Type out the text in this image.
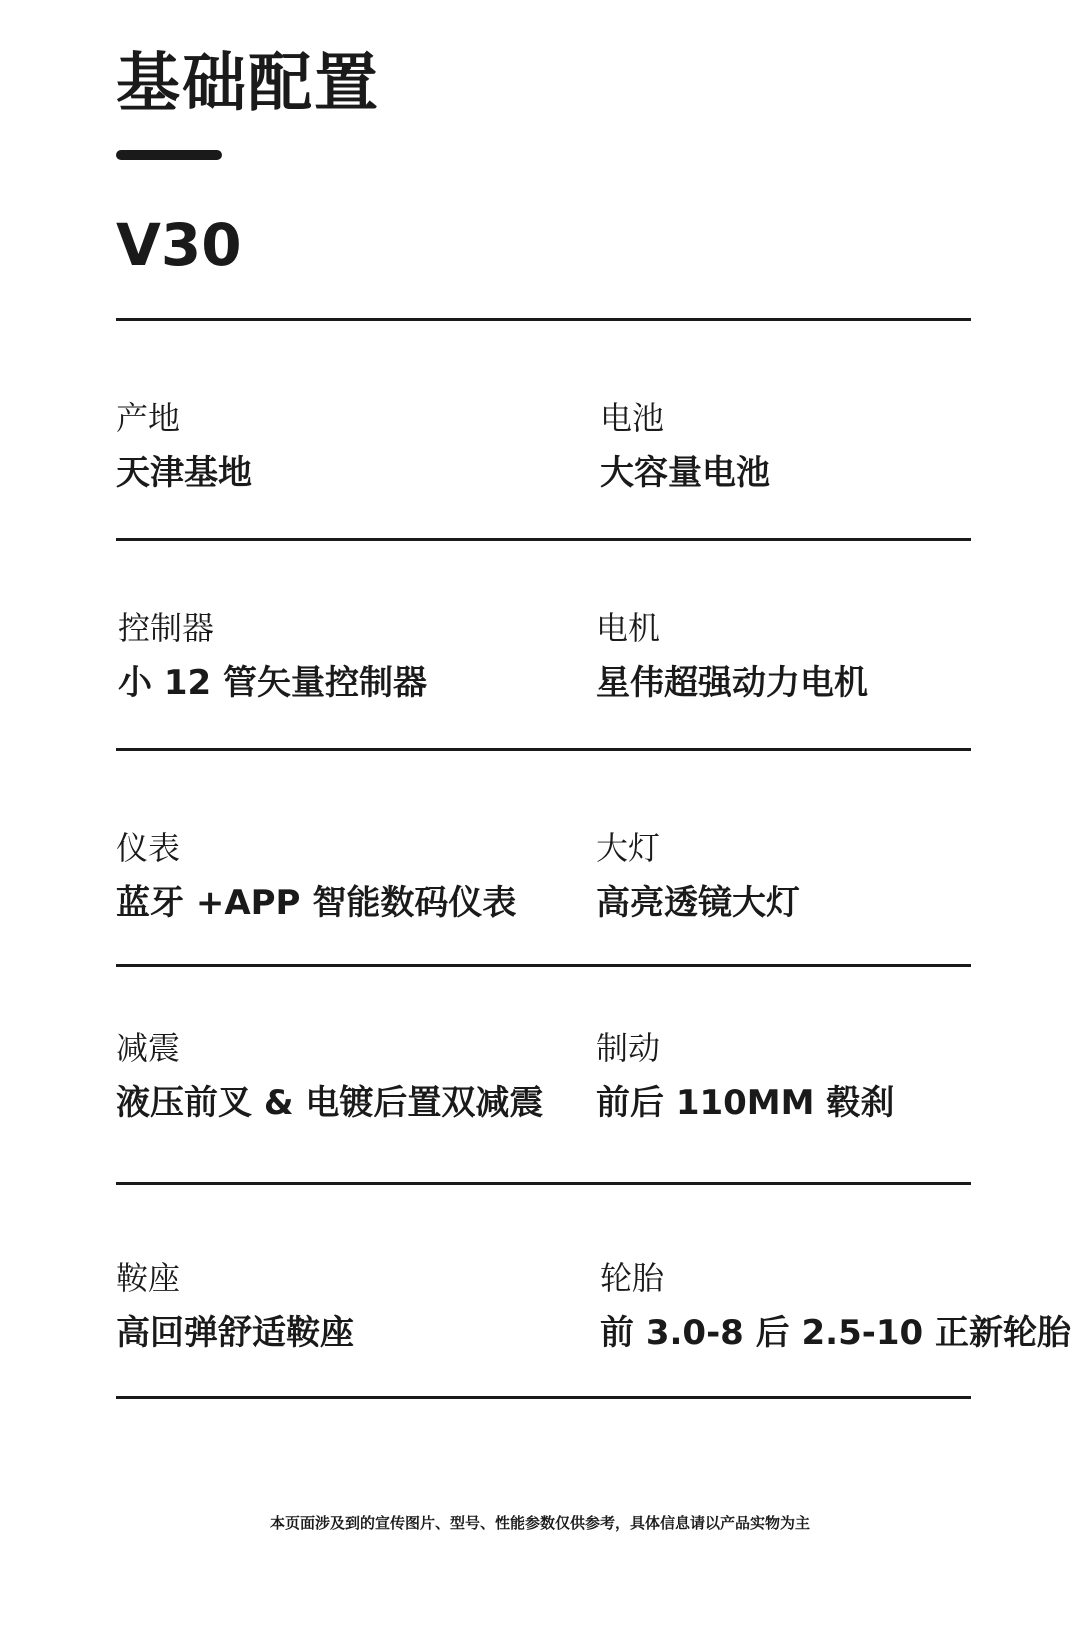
基础配置
V30
产地
天津基地
电池
大容量电池
控制器
小 12 管矢量控制器
电机
星伟超强动力电机
仪表
蓝牙 +APP 智能数码仪表
大灯
高亮透镜大灯
减震
液压前叉 & 电镀后置双减震
制动
前后 110MM 毂刹
鞍座
高回弹舒适鞍座
轮胎
前 3.0-8 后 2.5-10 正新轮胎
本页面涉及到的宣传图片、型号、性能参数仅供参考，具体信息请以产品实物为主
